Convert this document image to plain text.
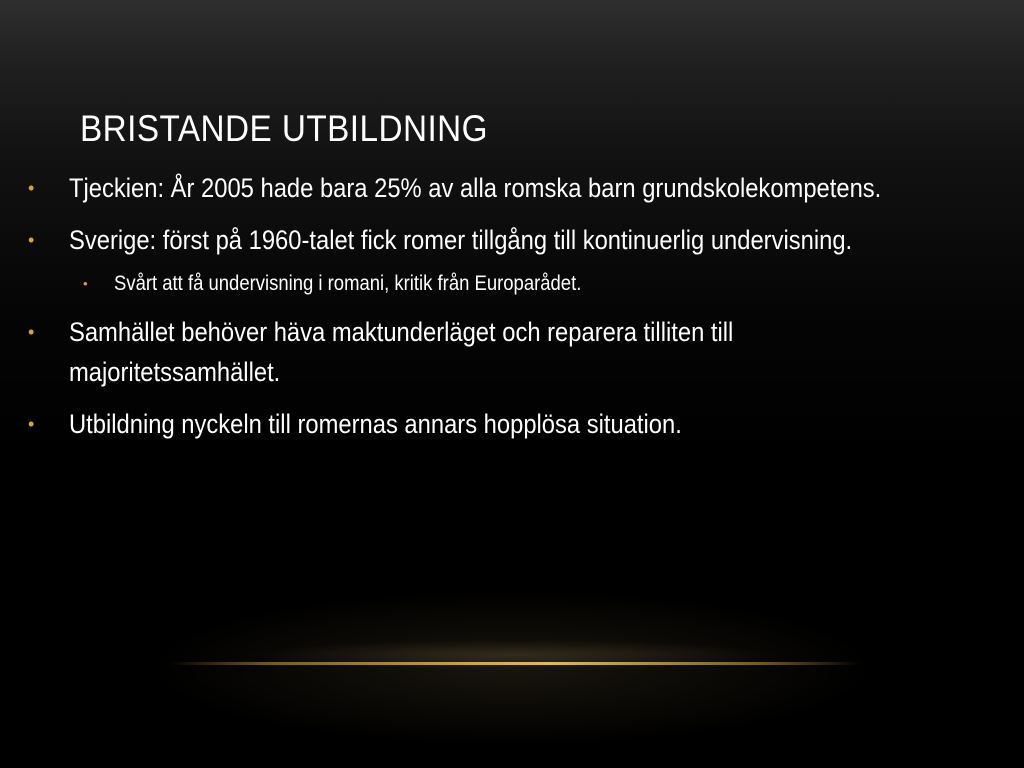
BRISTANDE UTBILDNING
• Tjeckien: År 2005 hade bara 25% av alla romska barn grundskolekompetens.
• Sverige: först på 1960-talet fick romer tillgång till kontinuerlig undervisning.
• Svårt att få undervisning i romani, kritik från Europarådet.
• Samhället behöver häva maktunderläget och reparera tilliten till majoritetssamhället.
• Utbildning nyckeln till romernas annars hopplösa situation.
